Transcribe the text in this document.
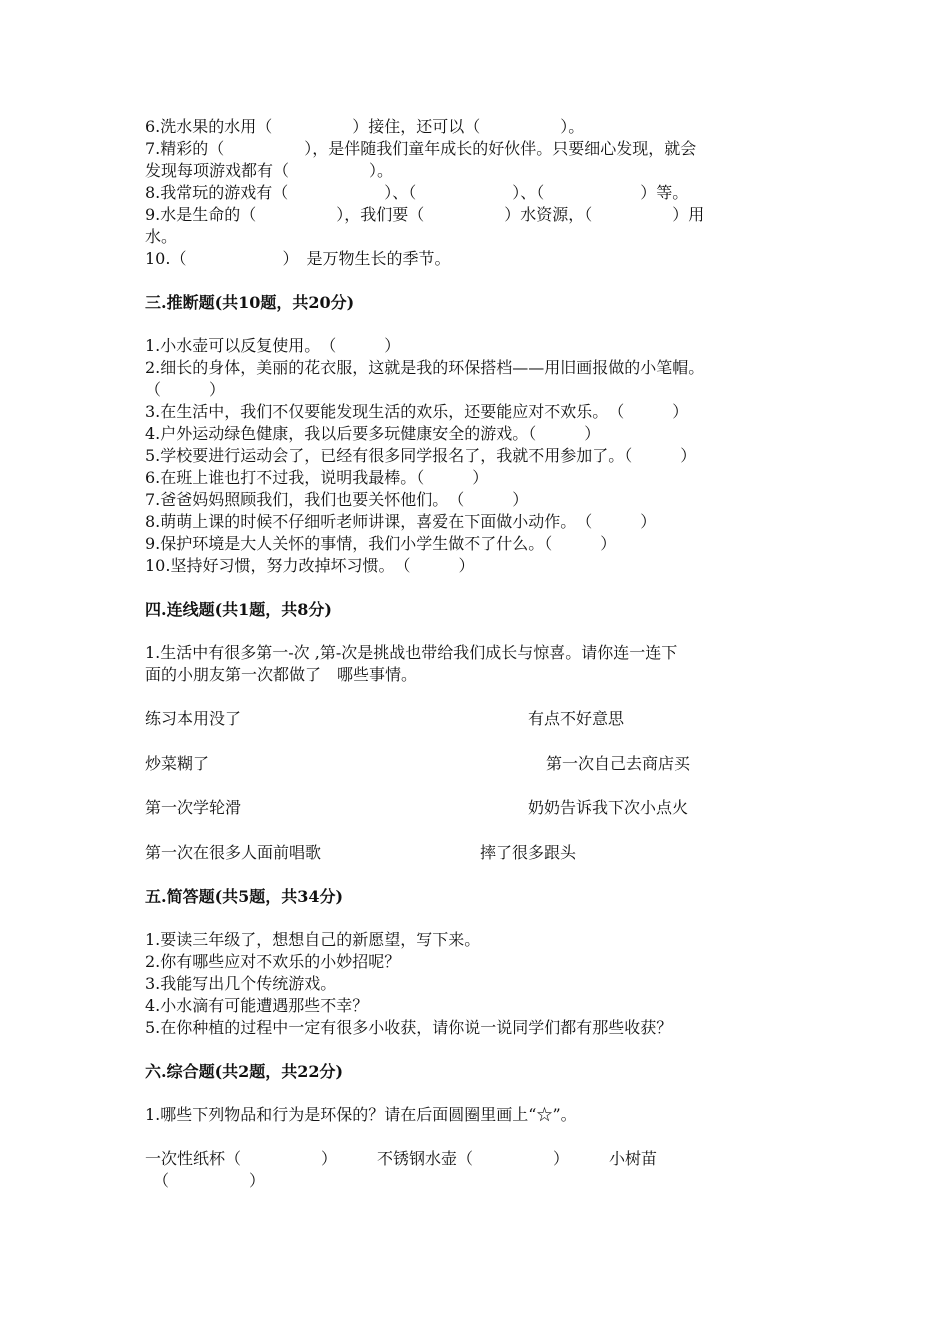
6.洗水果的水用（　　　　　）接住，还可以（　　　　　）。
7.精彩的（　　　　　），是伴随我们童年成长的好伙伴。只要细心发现，就会
发现每项游戏都有（　　　　　）。
8.我常玩的游戏有（　　　　　　）、（　　　　　　）、（　　　　　　）等。
9.水是生命的（　　　　　），我们要（　　　　　）水资源，（　　　　　）用
水。
10.（　　　　　　）　是万物生长的季节。
三.推断题(共10题，共20分)
1.小水壶可以反复使用。　（　　　）
2.细长的身体，美丽的花衣服，这就是我的环保搭档——用旧画报做的小笔帽。
（　　　）
3.在生活中，我们不仅要能发现生活的欢乐，还要能应对不欢乐。　（　　　）
4.户外运动绿色健康，我以后要多玩健康安全的游戏。（　　　）
5.学校要进行运动会了，已经有很多同学报名了，我就不用参加了。（　　　）
6.在班上谁也打不过我，说明我最棒。（　　　）
7.爸爸妈妈照顾我们，我们也要关怀他们。　（　　　）
8.萌萌上课的时候不仔细听老师讲课，喜爱在下面做小动作。　（　　　）
9.保护环境是大人关怀的事情，我们小学生做不了什么。（　　　）
10.坚持好习惯，努力改掉坏习惯。　（　　　）
四.连线题(共1题，共8分)
1.生活中有很多第一-次 ,第-次是挑战也带给我们成长与惊喜。请你连一连下
面的小朋友第一次都做了　哪些事情。

练习本用没了

	有点不好意思

炒菜糊了

	第一次自己去商店买

第一次学轮滑

	奶奶告诉我下次小点火

第一次在很多人面前唱歌

	摔了很多跟头

五.简答题(共5题，共34分)
1.要读三年级了，想想自己的新愿望，写下来。
2.你有哪些应对不欢乐的小妙招呢？
3.我能写出几个传统游戏。
4.小水滴有可能遭遇那些不幸？
5.在你种植的过程中一定有很多小收获，请你说一说同学们都有那些收获？
六.综合题(共2题，共22分)
1.哪些下列物品和行为是环保的？请在后面圆圈里画上“☆”。
一次性纸杯（　　　　　）　　　不锈钢水壶（　　　　　）　　　小树苗
（　　　　　）
